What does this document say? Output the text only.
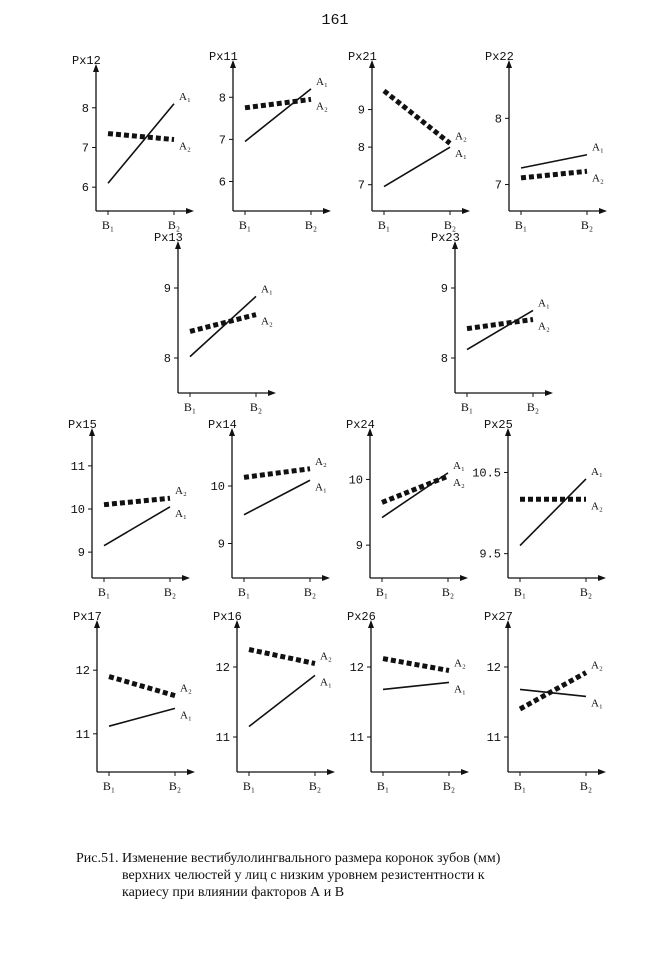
161
Px12
6
7
8
B₁	B₂
A₁
A₂
Px11
6
7
8
B₁	B₂
A₁
A₂
Px21
7
8
9
B₁	B₂
A₂
A₁
Px22
7
8
B₁	B₂
A₁
A₂
Px13
8
9
B₁	B₂
A₁
A₂
Px23
8
9
B₁	B₂
A₁
A₂
Px15
9
10
11
B₁	B₂
A₂
A₁
Px14
9
10
B₁	B₂
A₂
A₁
Px24
9
10
B₁	B₂
A₁
A₂
Px25
9.5
10.5
B₁	B₂
A₁
A₂
Px17
11
12
B₁	B₂
A₂
A₁
Px16
11
12
B₁	B₂
A₂
A₁
Px26
11
12
B₁	B₂
A₂
A₁
Px27
11
12
B₁	B₂
A₂
A₁
Рис.51. Изменение вестибулолингвального размера коронок зубов (мм)
верхних челюстей у лиц с низким уровнем резистентности к
кариесу при влиянии факторов А и В
